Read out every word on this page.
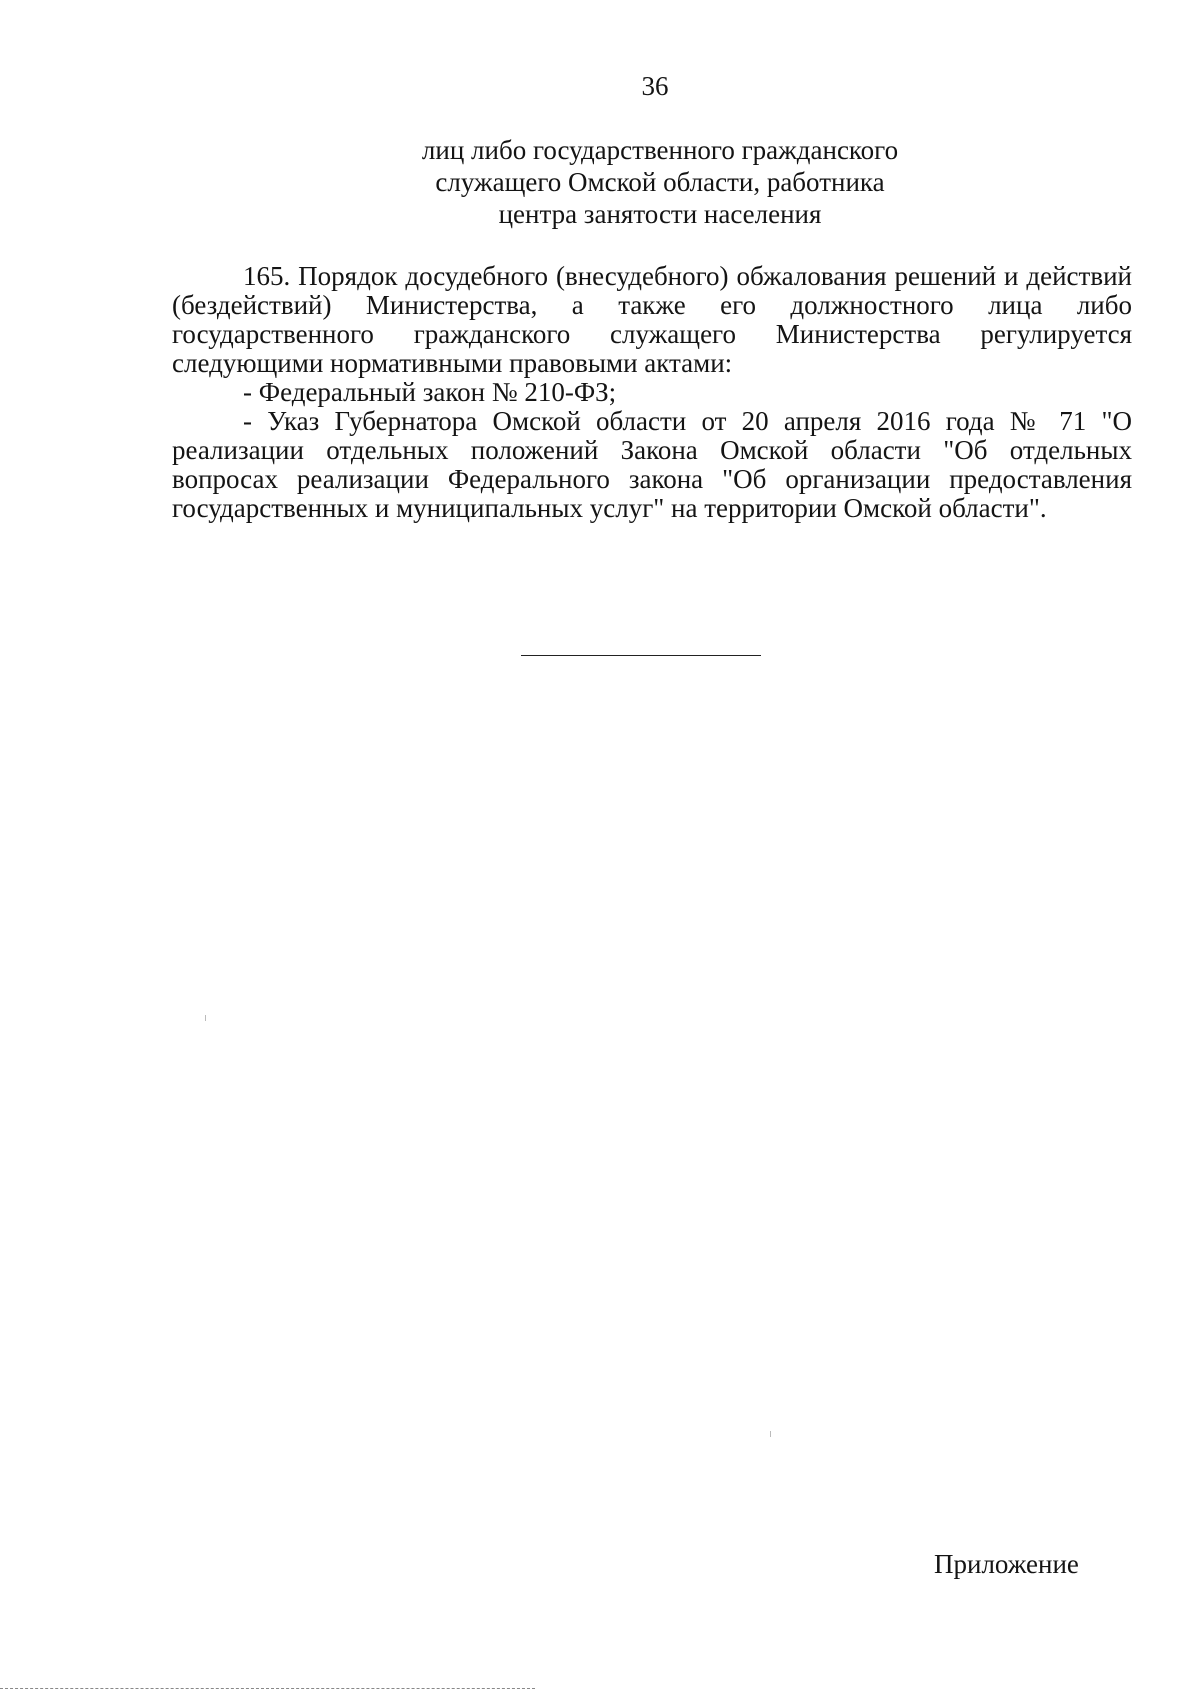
36
лиц либо государственного гражданского
служащего Омской области, работника
центра занятости населения

165. Порядок досудебного (внесудебного) обжалования решений и действий (бездействий) Министерства, а также его должностного лица либо государственного гражданского служащего Министерства регулируется следующими нормативными правовыми актами:

- Федеральный закон № 210-ФЗ;

- Указ Губернатора Омской области от 20 апреля 2016 года № 71 "О реализации отдельных положений Закона Омской области "Об отдельных вопросах реализации Федерального закона "Об организации предоставления государственных и муниципальных услуг" на территории Омской области".

Приложение
